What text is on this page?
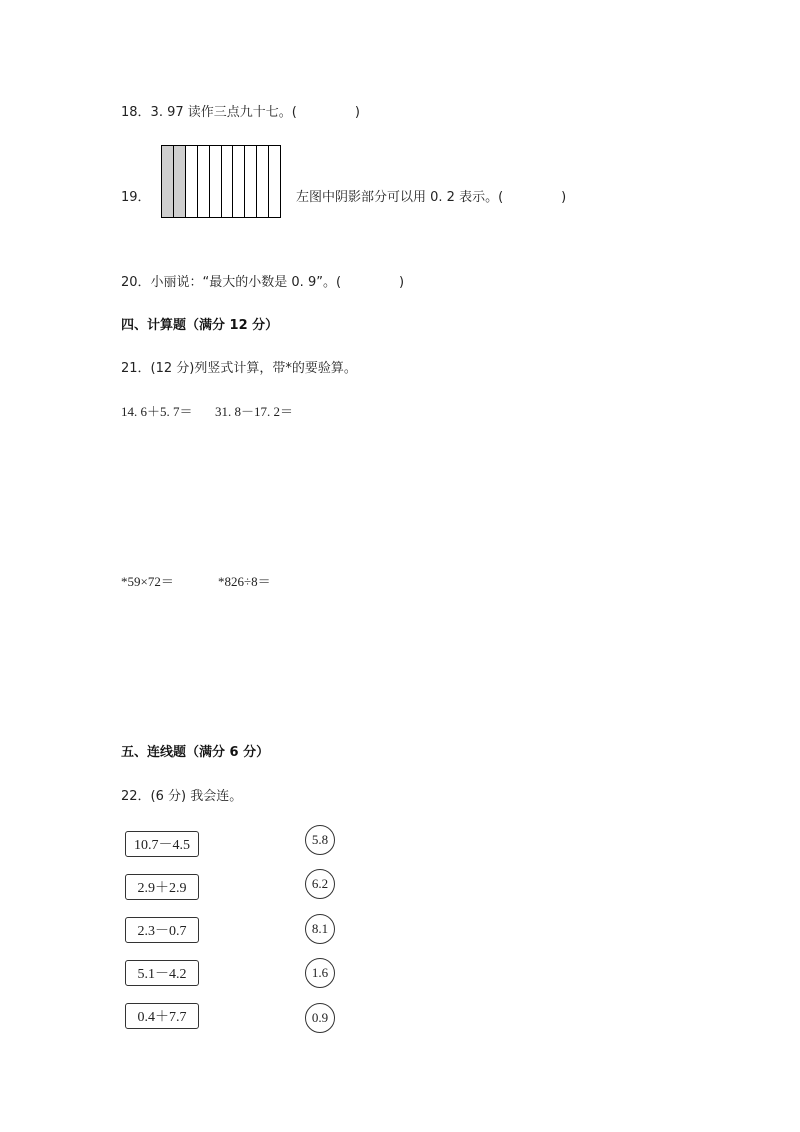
18．3. 97 读作三点九十七。(	)
19．	左图中阴影部分可以用 0. 2 表示。(	)
20．小丽说：“最大的小数是 0. 9”。(	)
四、计算题（满分 12 分）
21．(12 分)列竖式计算，带*的要验算。
14. 6＋5. 7＝ 31. 8－17. 2＝
*59×72＝	*826÷8＝
五、连线题（满分 6 分）
22．(6 分) 我会连。
10.7－4.5
2.9＋2.9
2.3－0.7
5.1－4.2
0.4＋7.7
5.8
6.2
8.1
1.6
0.9
